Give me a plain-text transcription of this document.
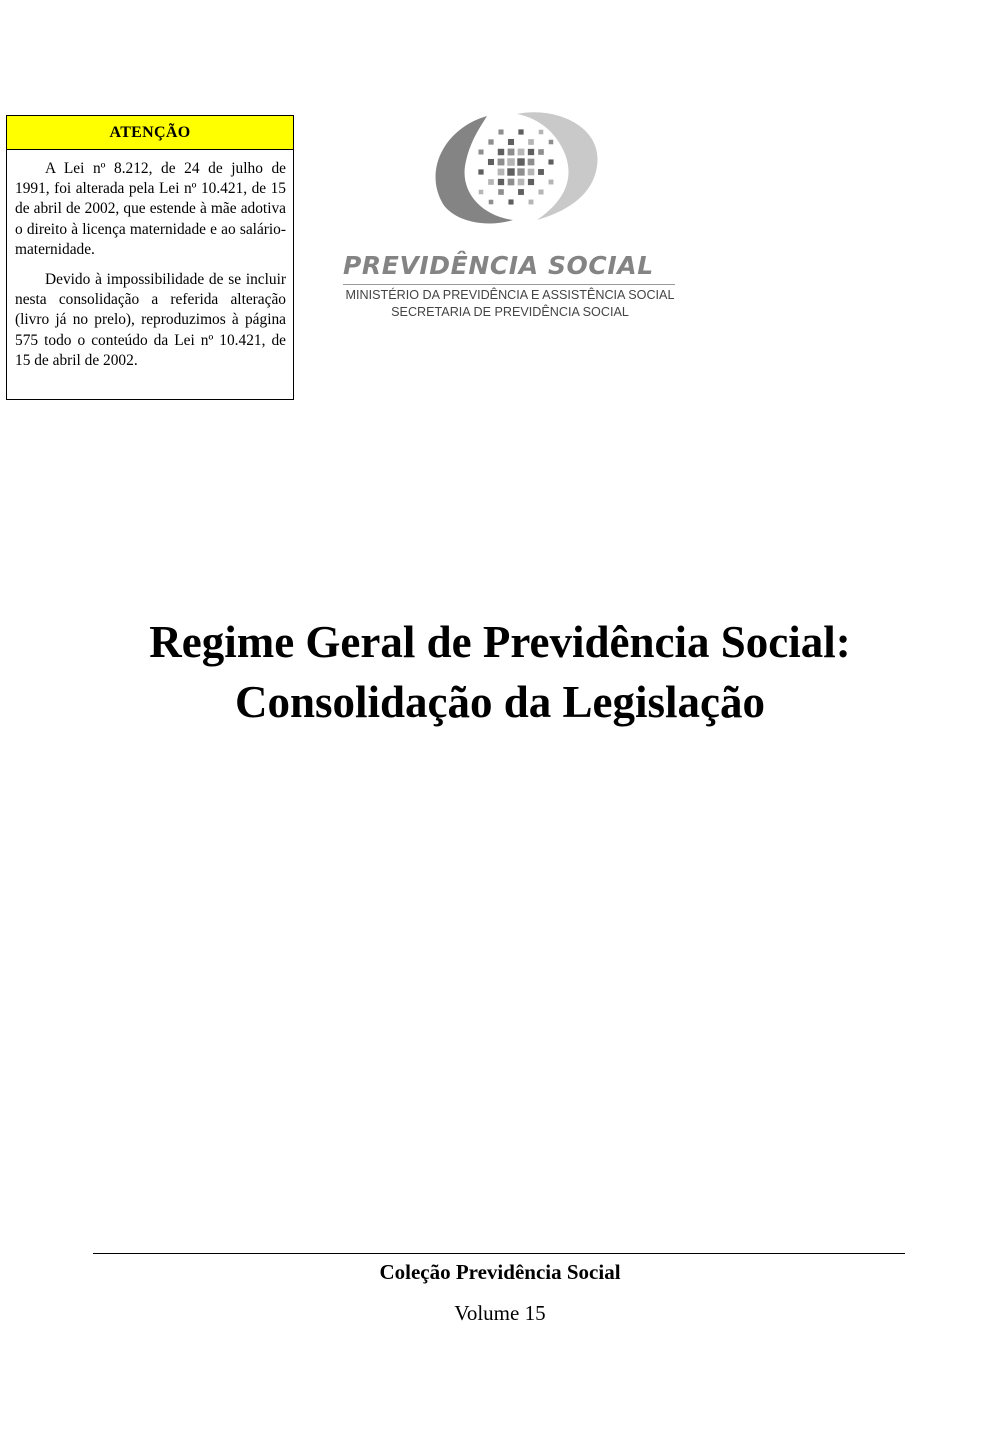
ATENÇÃO

A Lei nº 8.212, de 24 de julho de 1991, foi alterada pela Lei nº 10.421, de 15 de abril de 2002, que estende à mãe adotiva o direito à licença maternidade e ao salário-maternidade.

Devido à impossibilidade de se incluir nesta consolidação a referida alteração (livro já no prelo), reproduzimos à página 575 todo o conteúdo da Lei nº 10.421, de 15 de abril de 2002.

PREVIDÊNCIA SOCIAL
MINISTÉRIO DA PREVIDÊNCIA E ASSISTÊNCIA SOCIAL
SECRETARIA DE PREVIDÊNCIA SOCIAL
Regime Geral de Previdência Social:
Consolidação da Legislação
Coleção Previdência Social
Volume 15
